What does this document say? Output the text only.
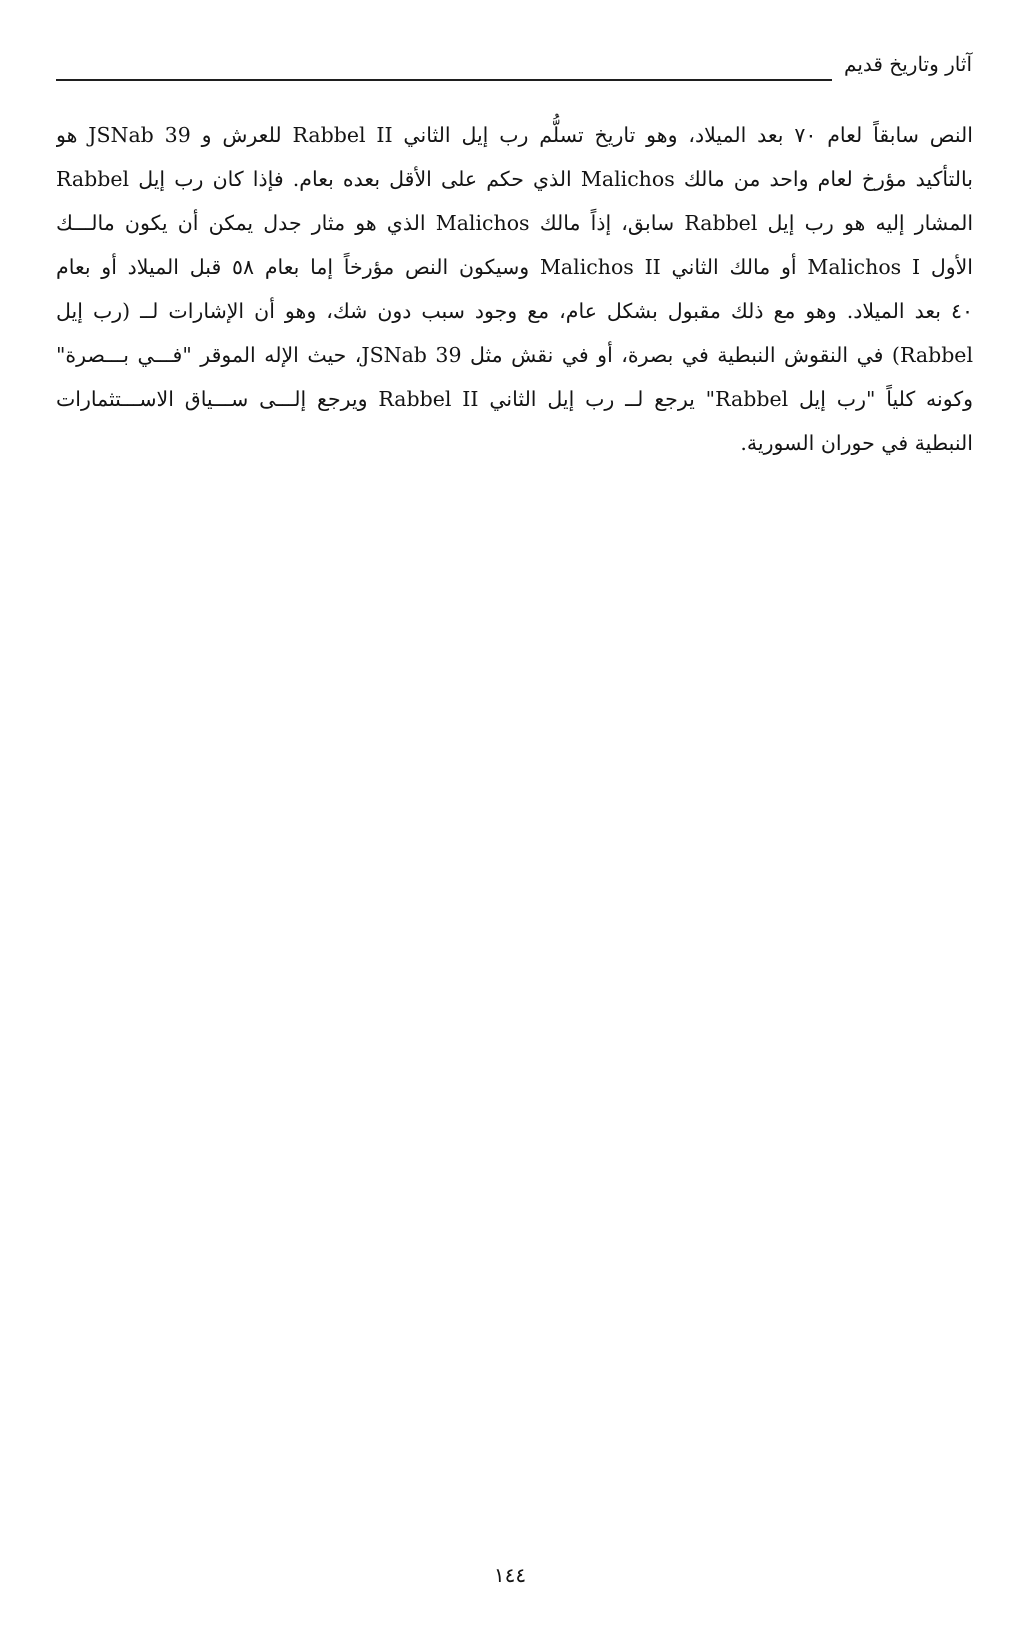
آثار وتاريخ قديم
النص سابقاً لعام ٧٠ بعد الميلاد، وهو تاريخ تسلُّم رب إيل الثاني Rabbel II للعرش و JSNab 39 هو
بالتأكيد مؤرخ لعام واحد من مالك Malichos الذي حكم على الأقل بعده بعام. فإذا كان رب إيل Rabbel
المشار إليه هو رب إيل Rabbel سابق، إذاً مالك Malichos الذي هو مثار جدل يمكن أن يكون مالـــك
الأول Malichos I أو مالك الثاني Malichos II وسيكون النص مؤرخاً إما بعام ٥٨ قبل الميلاد أو بعام
٤٠ بعد الميلاد. وهو مع ذلك مقبول بشكل عام، مع وجود سبب دون شك، وهو أن الإشارات لــ (رب إيل
Rabbel) في النقوش النبطية في بصرة، أو في نقش مثل JSNab 39، حيث الإله الموقر "فـــي بـــصرة"
وكونه كلياً "رب إيل Rabbel" يرجع لــ رب إيل الثاني Rabbel II ويرجع إلـــى ســـياق الاســـتثمارات
النبطية في حوران السورية.
١٤٤
